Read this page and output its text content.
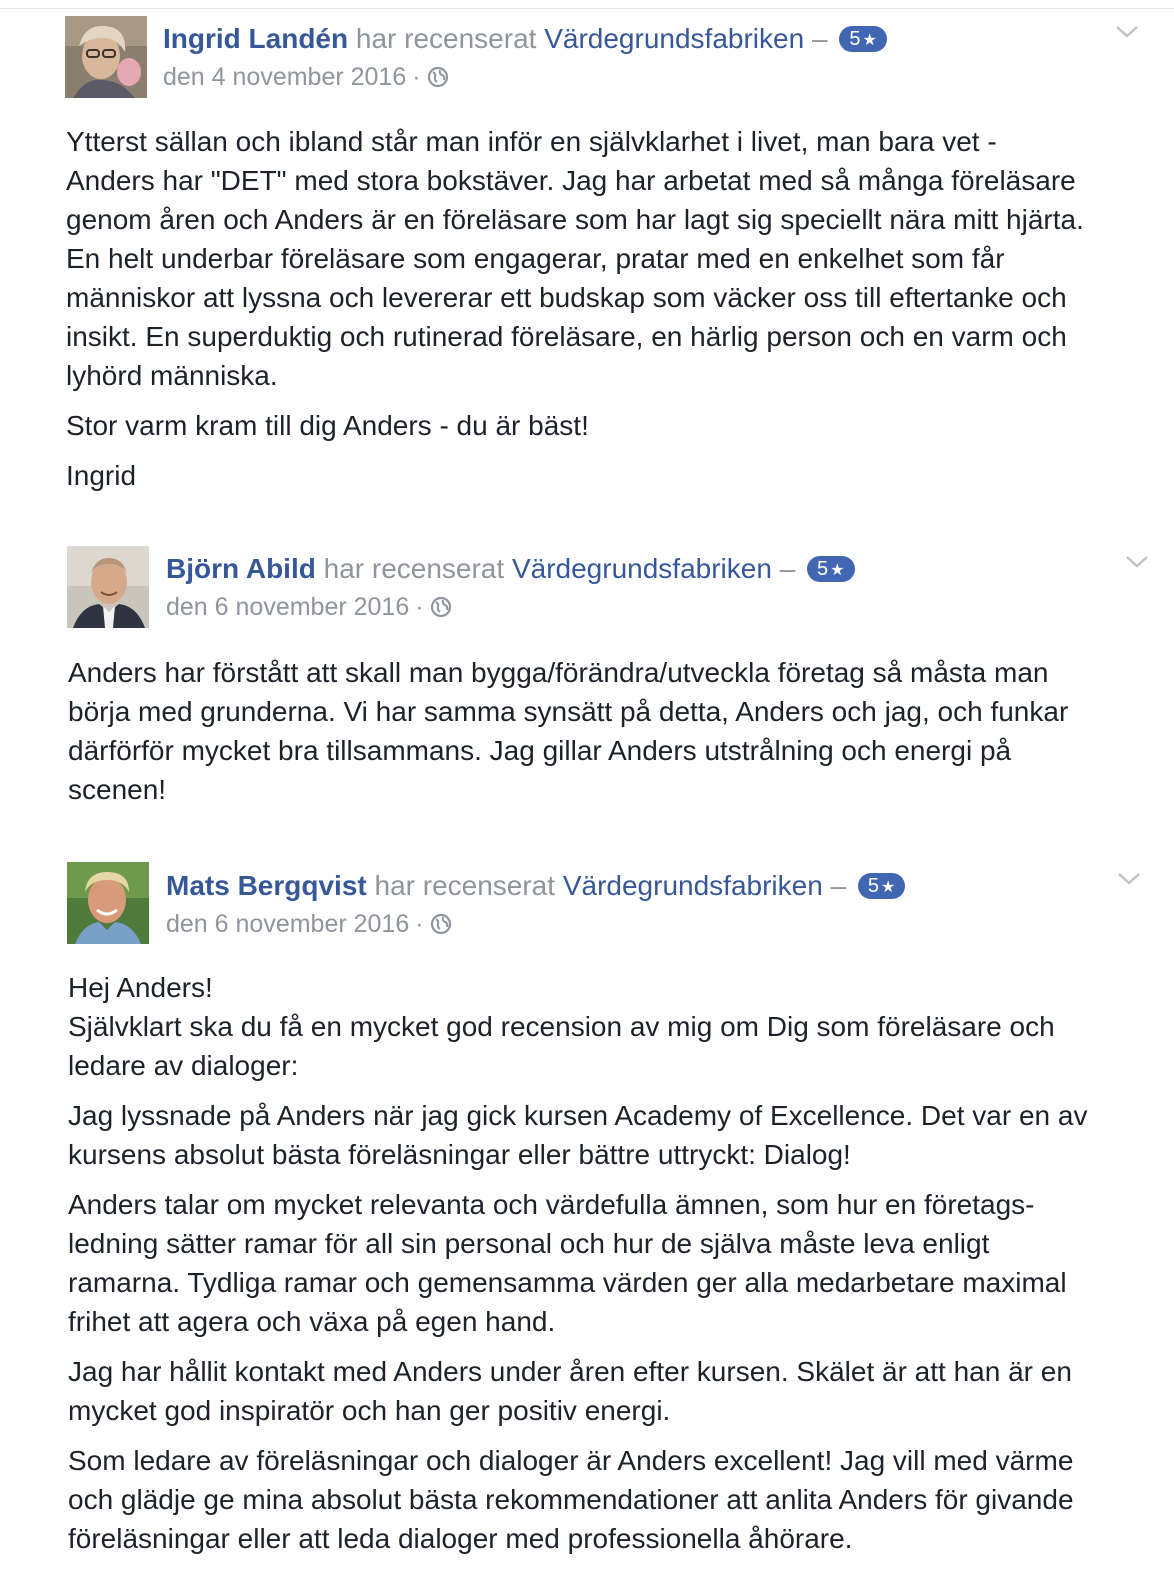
Ingrid Landén har recenserat Värdegrundsfabriken – 5 ★
den 4 november 2016 ·

Ytterst sällan och ibland står man inför en självklarhet i livet, man bara vet -

Anders har "DET" med stora bokstäver. Jag har arbetat med så många föreläsare

genom åren och Anders är en föreläsare som har lagt sig speciellt nära mitt hjärta.

En helt underbar föreläsare som engagerar, pratar med en enkelhet som får

människor att lyssna och levererar ett budskap som väcker oss till eftertanke och

insikt. En superduktig och rutinerad föreläsare, en härlig person och en varm och

lyhörd människa.

Stor varm kram till dig Anders - du är bäst!

Ingrid

Björn Abild har recenserat Värdegrundsfabriken – 5 ★
den 6 november 2016 ·

Anders har förstått att skall man bygga/förändra/utveckla företag så måsta man

börja med grunderna. Vi har samma synsätt på detta, Anders och jag, och funkar

därförför mycket bra tillsammans. Jag gillar Anders utstrålning och energi på

scenen!

Mats Bergqvist har recenserat Värdegrundsfabriken – 5 ★
den 6 november 2016 ·

Hej Anders!

Självklart ska du få en mycket god recension av mig om Dig som föreläsare och

ledare av dialoger:

Jag lyssnade på Anders när jag gick kursen Academy of Excellence. Det var en av

kursens absolut bästa föreläsningar eller bättre uttryckt: Dialog!

Anders talar om mycket relevanta och värdefulla ämnen, som hur en företags-

ledning sätter ramar för all sin personal och hur de själva måste leva enligt

ramarna. Tydliga ramar och gemensamma värden ger alla medarbetare maximal

frihet att agera och växa på egen hand.

Jag har hållit kontakt med Anders under åren efter kursen. Skälet är att han är en

mycket god inspiratör och han ger positiv energi.

Som ledare av föreläsningar och dialoger är Anders excellent! Jag vill med värme

och glädje ge mina absolut bästa rekommendationer att anlita Anders för givande

föreläsningar eller att leda dialoger med professionella åhörare.
